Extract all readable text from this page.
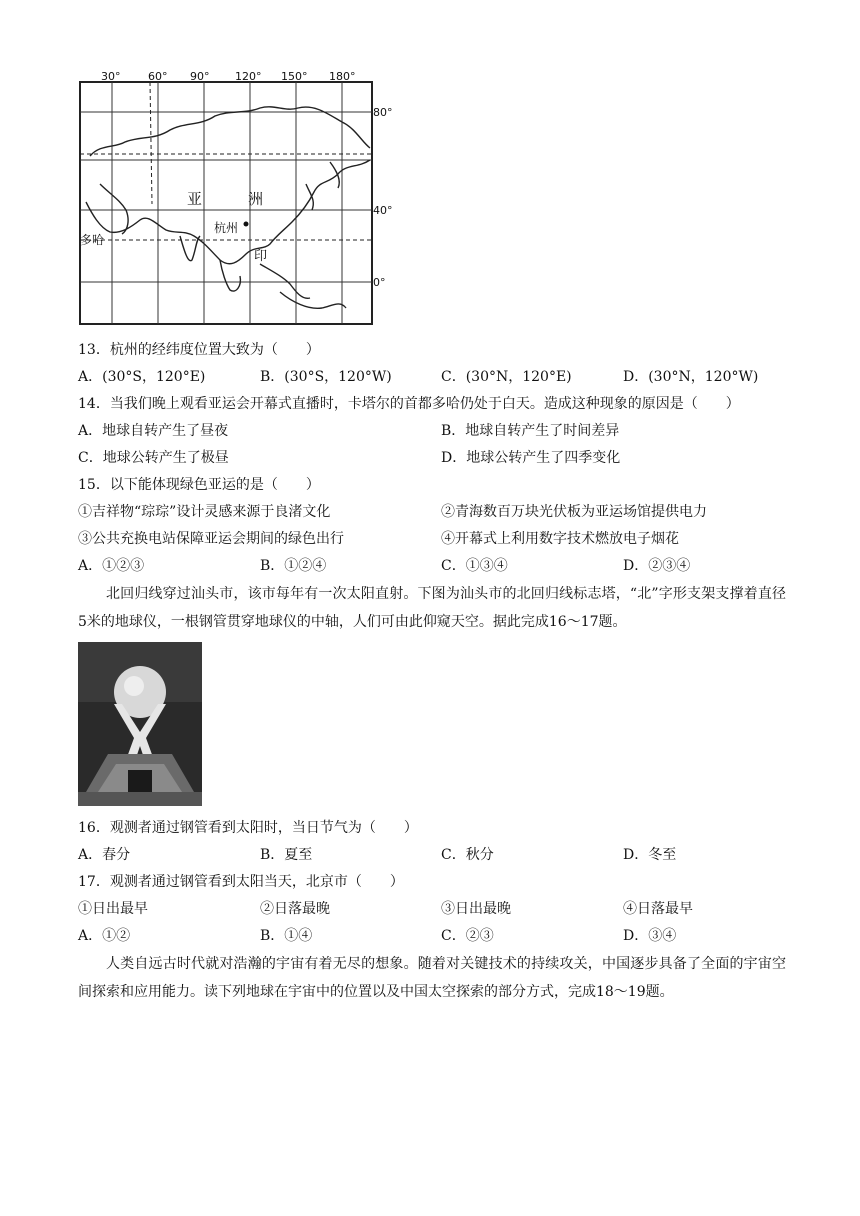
30°	60° 90° 120° 150° 180°
80°
40°
0°
亚	洲
杭州
多哈
印
13．杭州的经纬度位置大致为（　　）
A．(30°S，120°E)	B．(30°S，120°W)	C．(30°N，120°E)	D．(30°N，120°W)
14．当我们晚上观看亚运会开幕式直播时，卡塔尔的首都多哈仍处于白天。造成这种现象的原因是（　　）
A．地球自转产生了昼夜	B．地球自转产生了时间差异
C．地球公转产生了极昼	D．地球公转产生了四季变化
15．以下能体现绿色亚运的是（　　）
①吉祥物“琮琮”设计灵感来源于良渚文化	②青海数百万块光伏板为亚运场馆提供电力
③公共充换电站保障亚运会期间的绿色出行	④开幕式上利用数字技术燃放电子烟花
A．①②③	B．①②④	C．①③④	D．②③④
北回归线穿过汕头市，该市每年有一次太阳直射。下图为汕头市的北回归线标志塔，“北”字形支架支撑着直径5米的地球仪，一根钢管贯穿地球仪的中轴，人们可由此仰窥天空。据此完成16～17题。
16．观测者通过钢管看到太阳时，当日节气为（　　）
A．春分	B．夏至	C．秋分	D．冬至
17．观测者通过钢管看到太阳当天，北京市（　　）
①日出最早	②日落最晚	③日出最晚	④日落最早
A．①②	B．①④	C．②③	D．③④
人类自远古时代就对浩瀚的宇宙有着无尽的想象。随着对关键技术的持续攻关，中国逐步具备了全面的宇宙空间探索和应用能力。读下列地球在宇宙中的位置以及中国太空探索的部分方式，完成18～19题。
